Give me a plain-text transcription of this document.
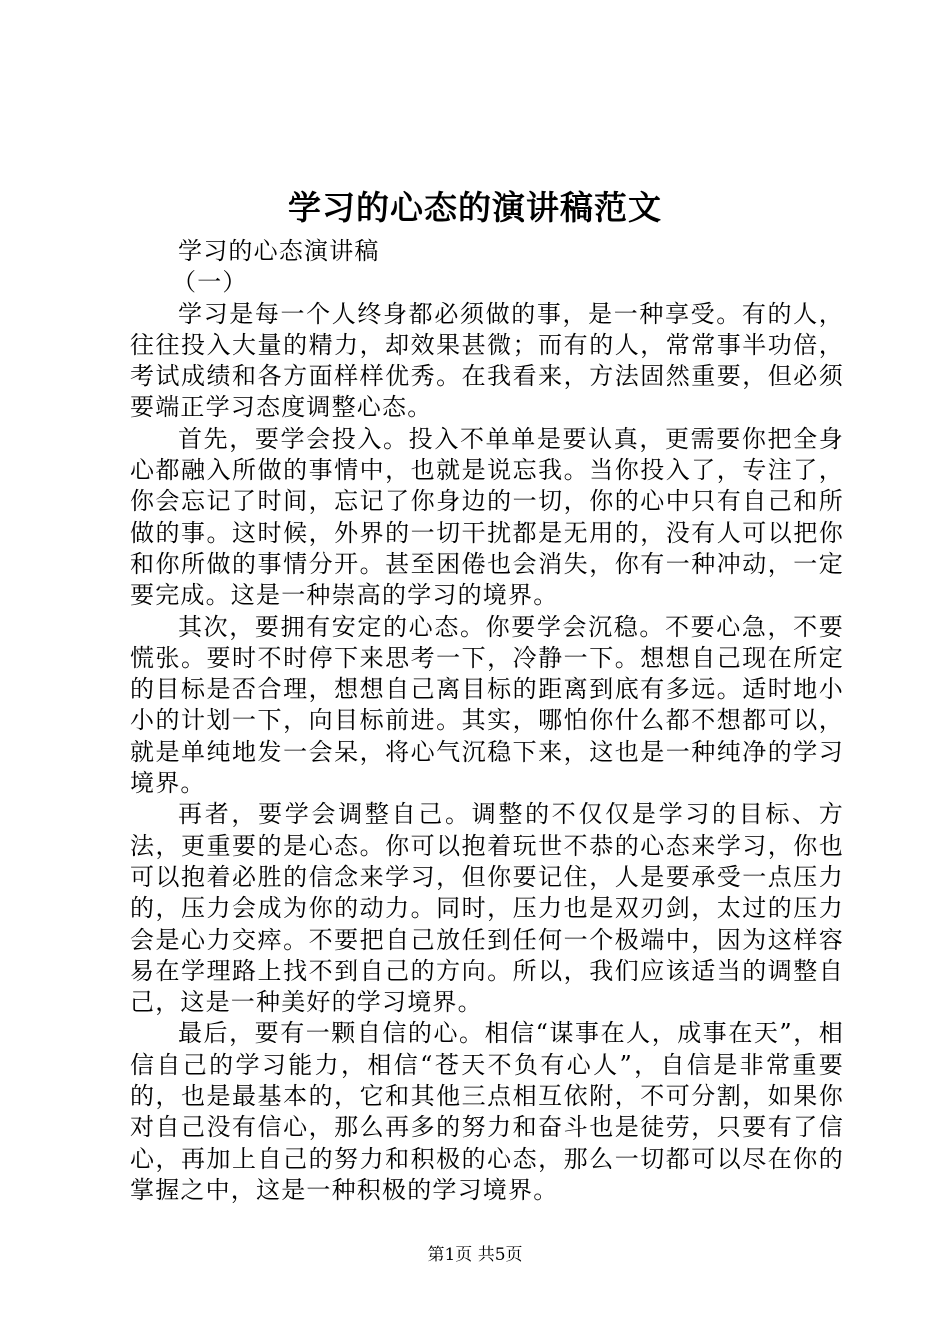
学习的心态的演讲稿范文

学习的心态演讲稿

（一）

学习是每一个人终身都必须做的事，是一种享受。有的人，往往投入大量的精力，却效果甚微；而有的人，常常事半功倍，考试成绩和各方面样样优秀。在我看来，方法固然重要，但必须要端正学习态度调整心态。

首先，要学会投入。投入不单单是要认真，更需要你把全身心都融入所做的事情中，也就是说忘我。当你投入了，专注了，你会忘记了时间，忘记了你身边的一切，你的心中只有自己和所做的事。这时候，外界的一切干扰都是无用的，没有人可以把你和你所做的事情分开。甚至困倦也会消失，你有一种冲动，一定要完成。这是一种崇高的学习的境界。

其次，要拥有安定的心态。你要学会沉稳。不要心急，不要慌张。要时不时停下来思考一下，冷静一下。想想自己现在所定的目标是否合理，想想自己离目标的距离到底有多远。适时地小小的计划一下，向目标前进。其实，哪怕你什么都不想都可以，就是单纯地发一会呆，将心气沉稳下来，这也是一种纯净的学习境界。

再者，要学会调整自己。调整的不仅仅是学习的目标、方法，更重要的是心态。你可以抱着玩世不恭的心态来学习，你也可以抱着必胜的信念来学习，但你要记住，人是要承受一点压力的，压力会成为你的动力。同时，压力也是双刃剑，太过的压力会是心力交瘁。不要把自己放任到任何一个极端中，因为这样容易在学理路上找不到自己的方向。所以，我们应该适当的调整自己，这是一种美好的学习境界。

最后，要有一颗自信的心。相信“谋事在人，成事在天”，相信自己的学习能力，相信“苍天不负有心人”，自信是非常重要的，也是最基本的，它和其他三点相互依附，不可分割，如果你对自己没有信心，那么再多的努力和奋斗也是徒劳，只要有了信心，再加上自己的努力和积极的心态，那么一切都可以尽在你的掌握之中，这是一种积极的学习境界。

第1页 共5页
